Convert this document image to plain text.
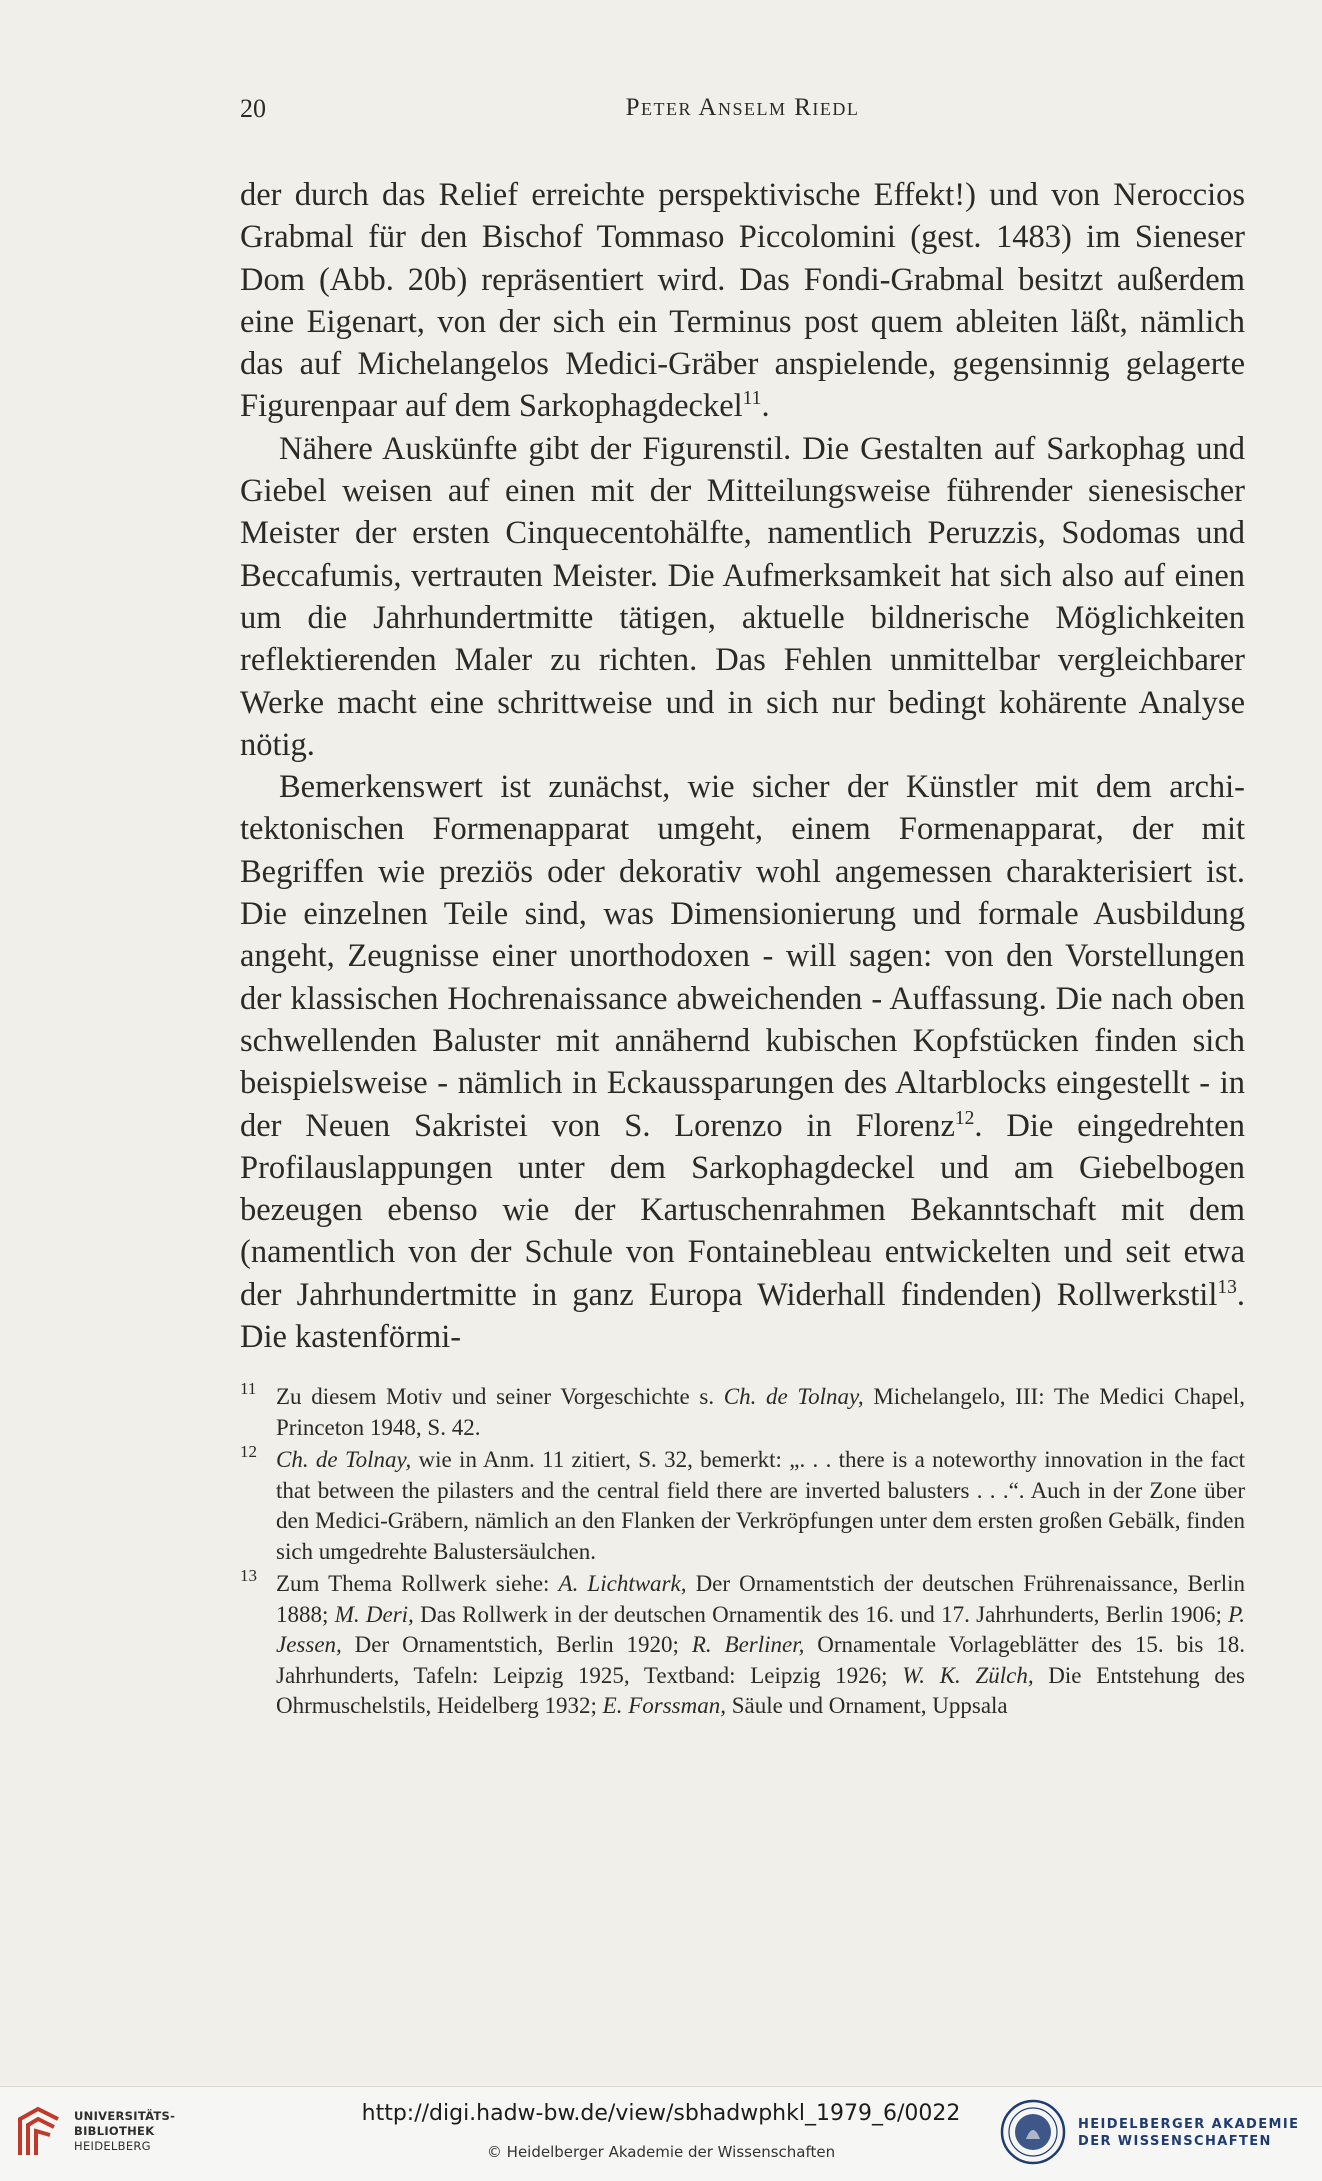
20	Peter Anselm Riedl

der durch das Relief erreichte perspektivische Effekt!) und von Neroccios Grabmal für den Bischof Tommaso Piccolomini (gest. 1483) im Sieneser Dom (Abb. 20b) repräsentiert wird. Das Fondi-Grabmal besitzt außerdem eine Eigenart, von der sich ein Terminus post quem ableiten läßt, nämlich das auf Michelangelos Medici-Gräber anspielende, gegensinnig gelagerte Figurenpaar auf dem Sarkophagdeckel$^{11}$.

Nähere Auskünfte gibt der Figurenstil. Die Gestalten auf Sarkophag und Giebel weisen auf einen mit der Mitteilungsweise führender sienesischer Meister der ersten Cinquecentohälfte, namentlich Peruzzis, Sodomas und Beccafumis, vertrauten Meister. Die Aufmerksamkeit hat sich also auf einen um die Jahrhundertmitte tätigen, aktuelle bildnerische Möglichkeiten reflektierenden Maler zu richten. Das Fehlen unmittelbar vergleichbarer Werke macht eine schrittweise und in sich nur bedingt kohärente Analyse nötig.

Bemerkenswert ist zunächst, wie sicher der Künstler mit dem architektonischen Formenapparat umgeht, einem Formenapparat, der mit Begriffen wie preziös oder dekorativ wohl angemessen charakterisiert ist. Die einzelnen Teile sind, was Dimensionierung und formale Ausbildung angeht, Zeugnisse einer unorthodoxen - will sagen: von den Vorstellungen der klassischen Hochrenaissance abweichenden - Auffassung. Die nach oben schwellenden Baluster mit annähernd kubischen Kopfstücken finden sich beispielsweise - nämlich in Eckaussparungen des Altarblocks eingestellt - in der Neuen Sakristei von S. Lorenzo in Florenz$^{12}$. Die eingedrehten Profilauslappungen unter dem Sarkophagdeckel und am Giebelbogen bezeugen ebenso wie der Kartuschenrahmen Bekanntschaft mit dem (namentlich von der Schule von Fontainebleau entwickelten und seit etwa der Jahrhundertmitte in ganz Europa Widerhall findenden) Rollwerkstil$^{13}$. Die kastenförmi-

11 Zu diesem Motiv und seiner Vorgeschichte s. Ch. de Tolnay, Michelangelo, III: The Medici Chapel, Princeton 1948, S. 42.
12 Ch. de Tolnay, wie in Anm. 11 zitiert, S. 32, bemerkt: „. . . there is a noteworthy innovation in the fact that between the pilasters and the central field there are inverted balusters . . .“. Auch in der Zone über den Medici-Gräbern, nämlich an den Flanken der Verkröpfungen unter dem ersten großen Gebälk, finden sich umgedrehte Balustersäulchen.
13 Zum Thema Rollwerk siehe: A. Lichtwark, Der Ornamentstich der deutschen Frührenaissance, Berlin 1888; M. Deri, Das Rollwerk in der deutschen Ornamentik des 16. und 17. Jahrhunderts, Berlin 1906; P. Jessen, Der Ornamentstich, Berlin 1920; R. Berliner, Ornamentale Vorlageblätter des 15. bis 18. Jahrhunderts, Tafeln: Leipzig 1925, Textband: Leipzig 1926; W. K. Zülch, Die Entstehung des Ohrmuschelstils, Heidelberg 1932; E. Forssman, Säule und Ornament, Uppsala
UNIVERSITÄTS-
BIBLIOTHEK
HEIDELBERG
http://digi.hadw-bw.de/view/sbhadwphkl_1979_6/0022
© Heidelberger Akademie der Wissenschaften
HEIDELBERGER AKADEMIE
DER WISSENSCHAFTEN
